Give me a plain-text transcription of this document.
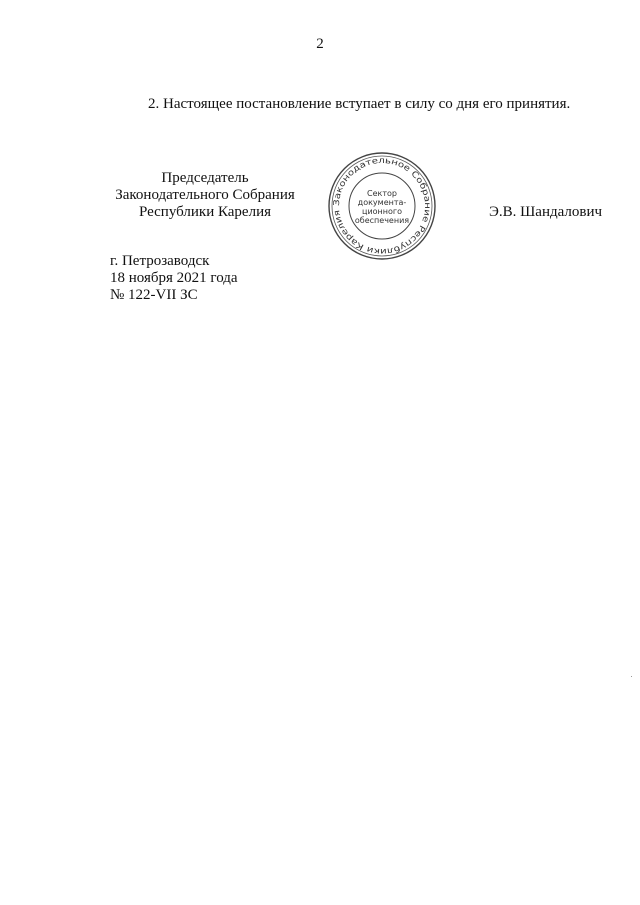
2
2. Настоящее постановление вступает в силу со дня его принятия.
Председатель
Законодательного Собрания
Республики Карелия
Законодательное Собрание Республики Карелия
Сектор
документа-
ционного
обеспечения
Э.В. Шандалович
г. Петрозаводск
18 ноября 2021 года
№ 122-VII ЗС
